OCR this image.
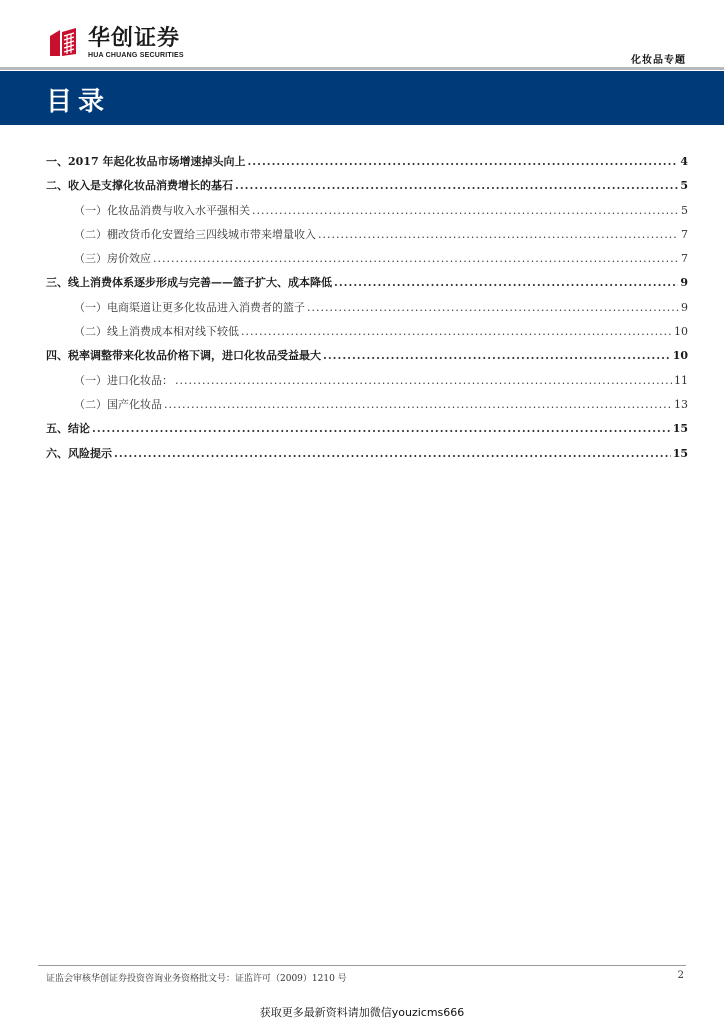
华创证券
HUA CHUANG SECURITIES	化妆品专题
目录
一、2017 年起化妆品市场增速掉头向上 .....	4
二、收入是支撑化妆品消费增长的基石 .....	5
（一）化妆品消费与收入水平强相关 .....	5
（二）棚改货币化安置给三四线城市带来增量收入 .....	7
（三）房价效应 .....	7
三、线上消费体系逐步形成与完善——篮子扩大、成本降低 .....	9
（一）电商渠道让更多化妆品进入消费者的篮子 .....	9
（二）线上消费成本相对线下较低 .....	10
四、税率调整带来化妆品价格下调，进口化妆品受益最大 .....	10
（一）进口化妆品： .....	11
（二）国产化妆品 .....	13
五、结论 .....	15
六、风险提示 .....	15
证监会审核华创证券投资咨询业务资格批文号：证监许可（2009）1210 号	2
获取更多最新资料请加微信youzicms666
